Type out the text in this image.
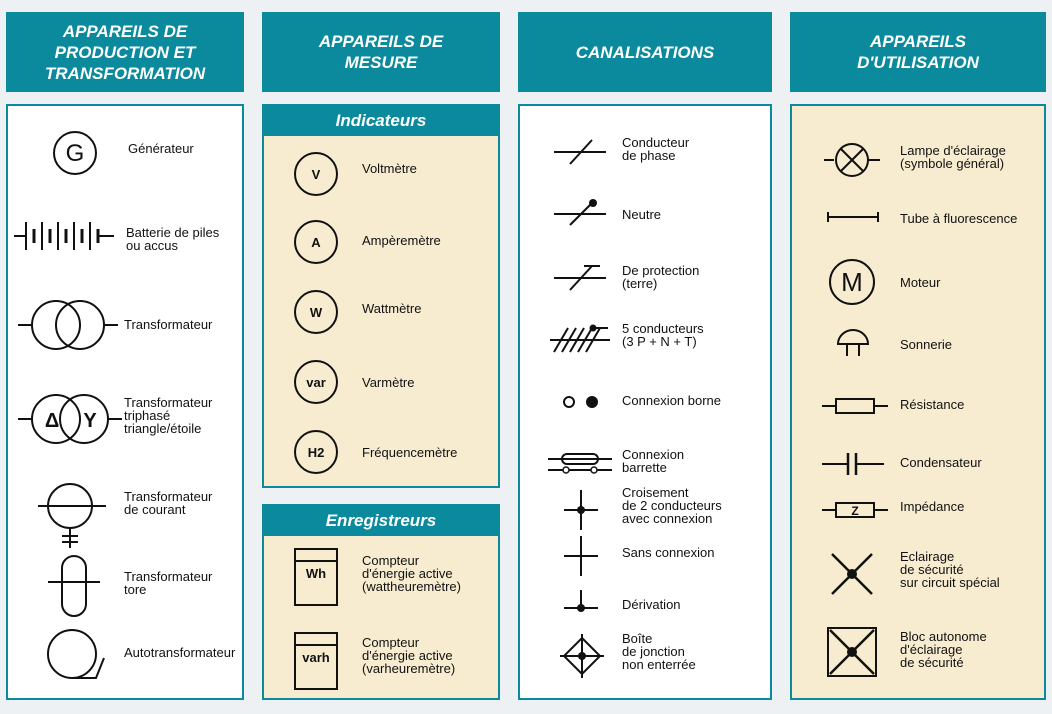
APPAREILS DE PRODUCTION ET TRANSFORMATION
APPAREILS DE MESURE
CANALISATIONS
APPAREILS D'UTILISATION
G	Générateur
Batterie de piles
ou accus
Transformateur
Δ Y
Transformateur
triphasé
triangle/étoile
Transformateur
de courant
Transformateur
tore
Autotransformateur
Indicateurs
V	Voltmètre
A	Ampèremètre
W	Wattmètre
var	Varmètre
H2	Fréquencemètre
Enregistreurs
Wh
Compteur
d'énergie active
(wattheuremètre)
varh
Compteur
d'énergie active
(varheuremètre)
Conducteur
de phase
Neutre
De protection
(terre)
5 conducteurs
(3 P + N + T)
Connexion borne
Connexion
barrette
Croisement
de 2 conducteurs
avec connexion
Sans connexion
Dérivation
Boîte
de jonction
non enterrée
Lampe d'éclairage
(symbole général)
Tube à fluorescence
M	Moteur
Sonnerie
Résistance
Condensateur
Z	Impédance
Eclairage
de sécurité
sur circuit spécial
Bloc autonome
d'éclairage
de sécurité
